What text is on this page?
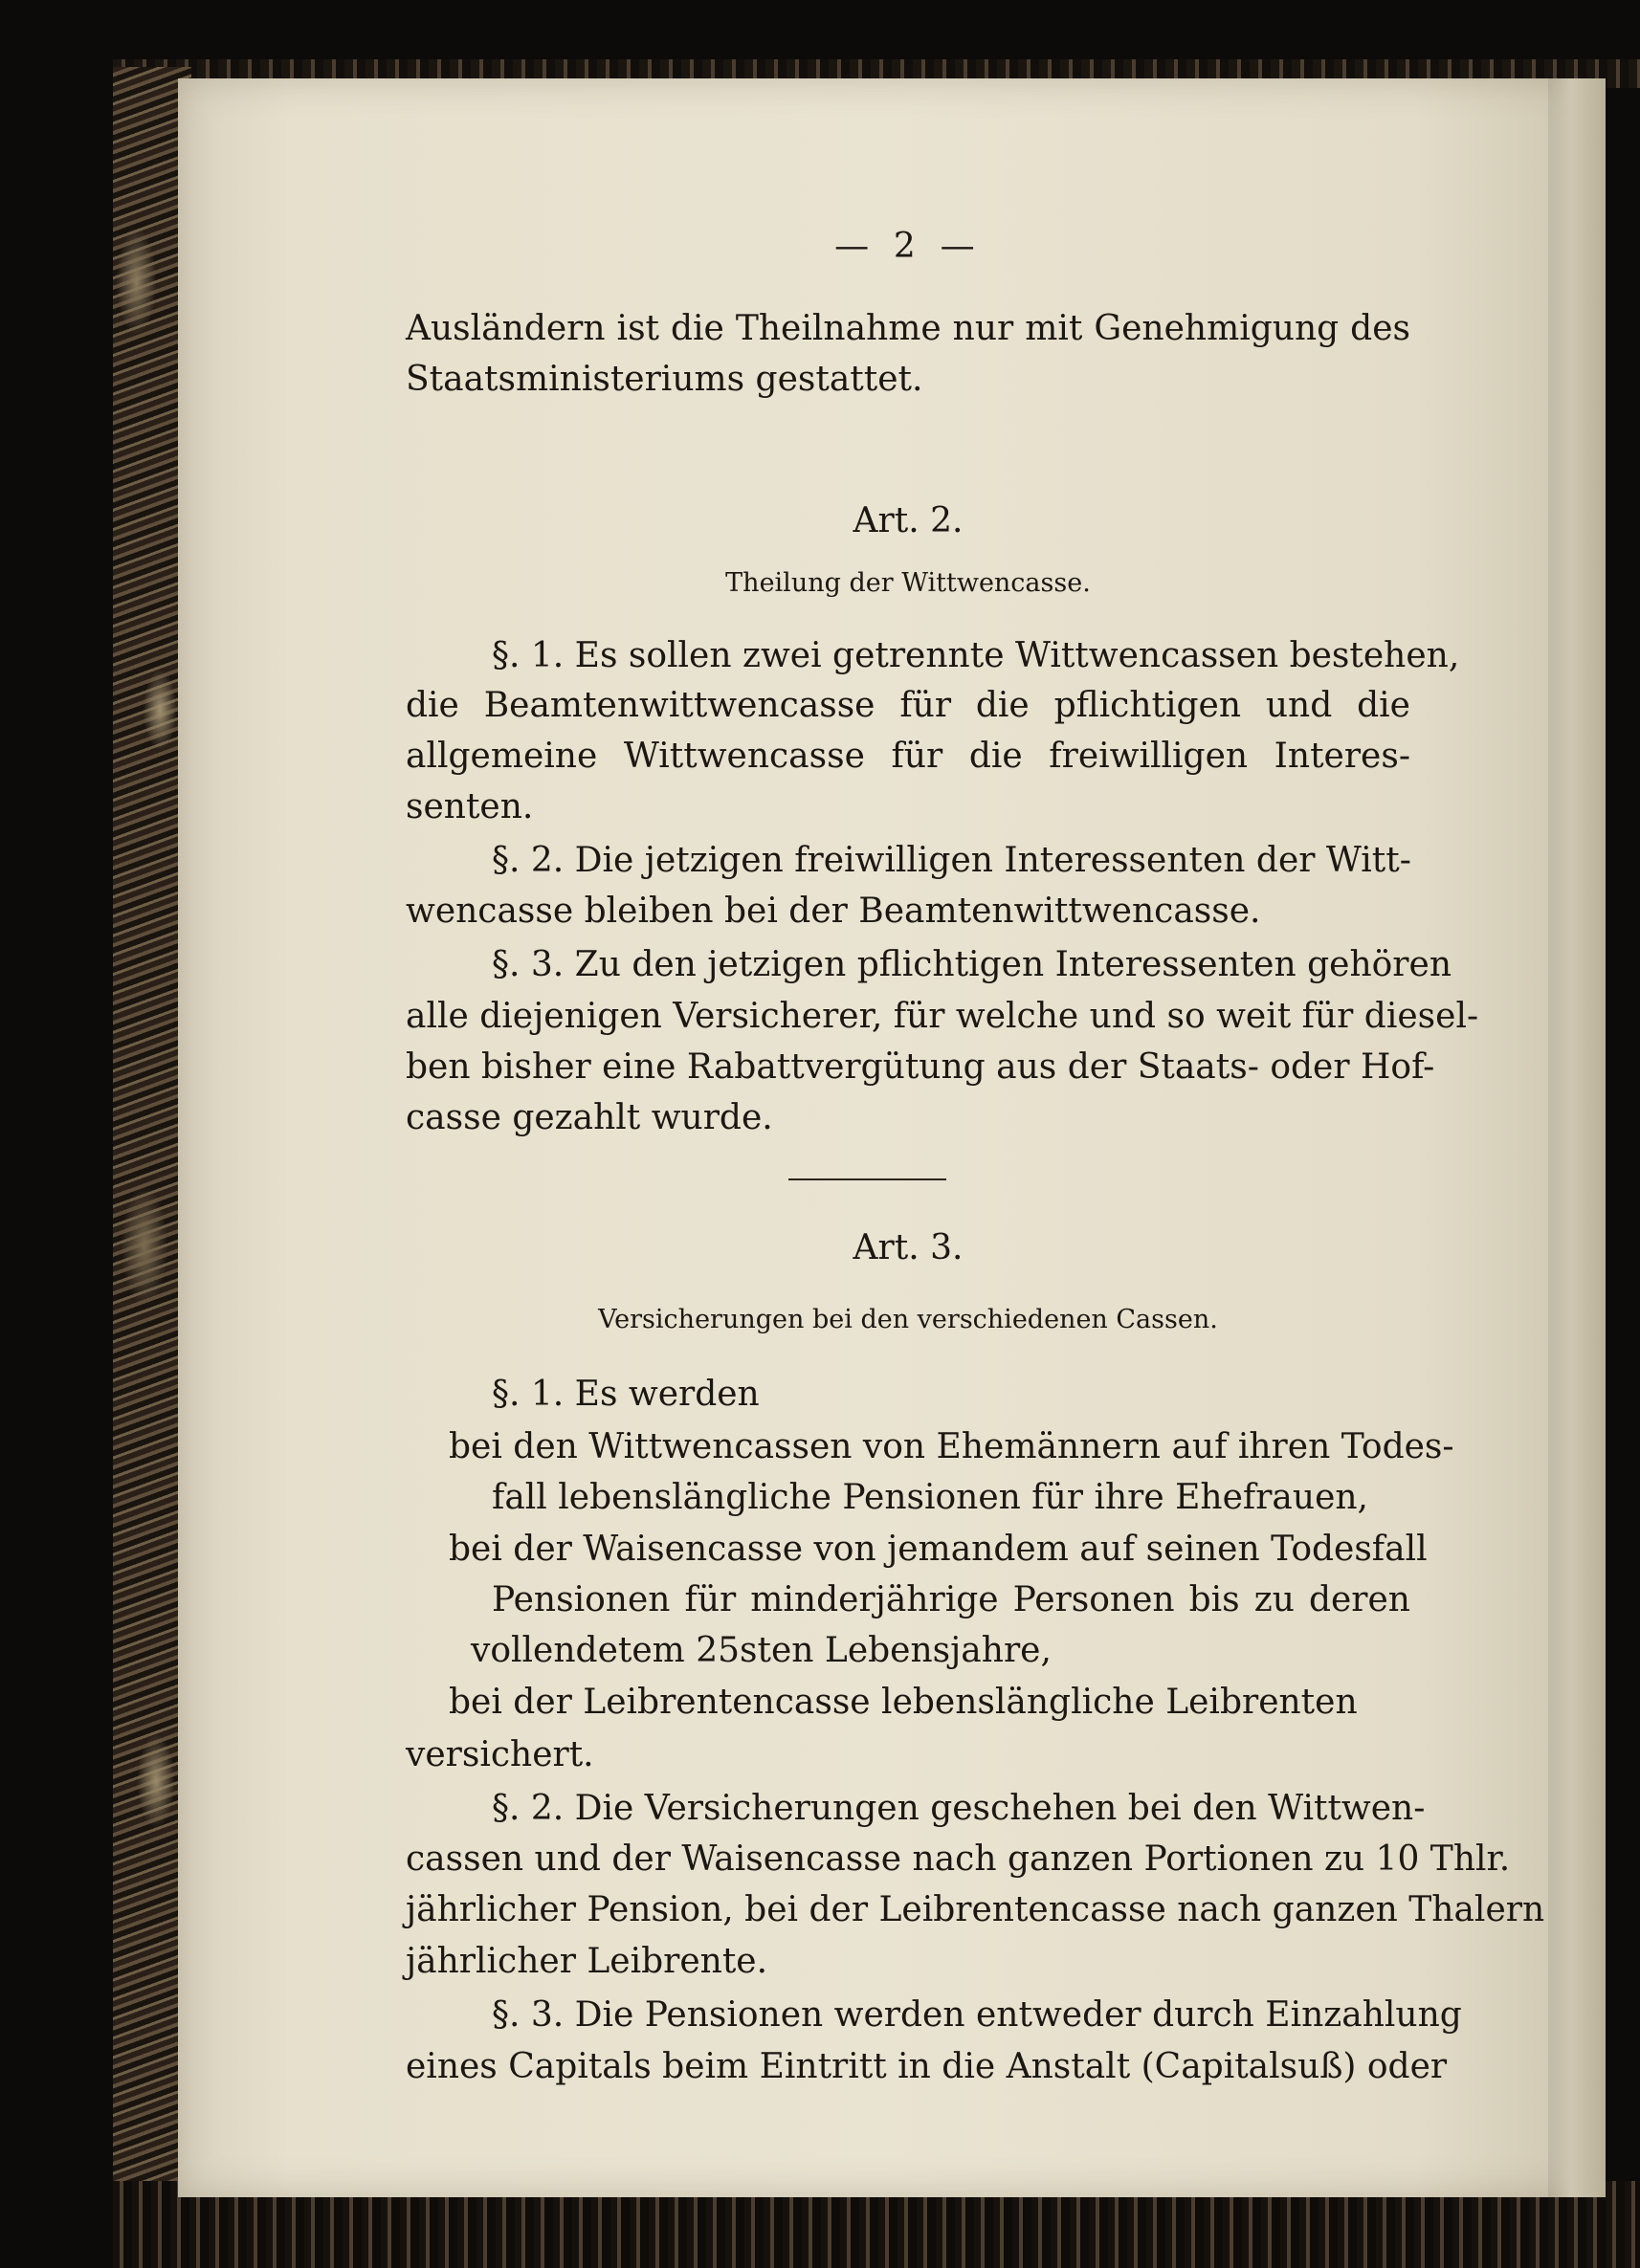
— 2 —
Ausländern ist die Theilnahme nur mit Genehmigung des
Staatsministeriums gestattet.
Art. 2.
Theilung der Wittwencasse.
§. 1. Es sollen zwei getrennte Wittwencassen bestehen,
die Beamtenwittwencasse für die pflichtigen und die
allgemeine Wittwencasse für die freiwilligen Interes-
senten.
§. 2. Die jetzigen freiwilligen Interessenten der Witt-
wencasse bleiben bei der Beamtenwittwencasse.
§. 3. Zu den jetzigen pflichtigen Interessenten gehören
alle diejenigen Versicherer, für welche und so weit für diesel-
ben bisher eine Rabattvergütung aus der Staats- oder Hof-
casse gezahlt wurde.
Art. 3.
Versicherungen bei den verschiedenen Cassen.
§. 1. Es werden
bei den Wittwencassen von Ehemännern auf ihren Todes-
fall lebenslängliche Pensionen für ihre Ehefrauen,
bei der Waisencasse von jemandem auf seinen Todesfall
Pensionen für minderjährige Personen bis zu deren
vollendetem 25sten Lebensjahre,
bei der Leibrentencasse lebenslängliche Leibrenten
versichert.
§. 2. Die Versicherungen geschehen bei den Wittwen-
cassen und der Waisencasse nach ganzen Portionen zu 10 Thlr.
jährlicher Pension, bei der Leibrentencasse nach ganzen Thalern
jährlicher Leibrente.
§. 3. Die Pensionen werden entweder durch Einzahlung
eines Capitals beim Eintritt in die Anstalt (Capitalsuß) oder
